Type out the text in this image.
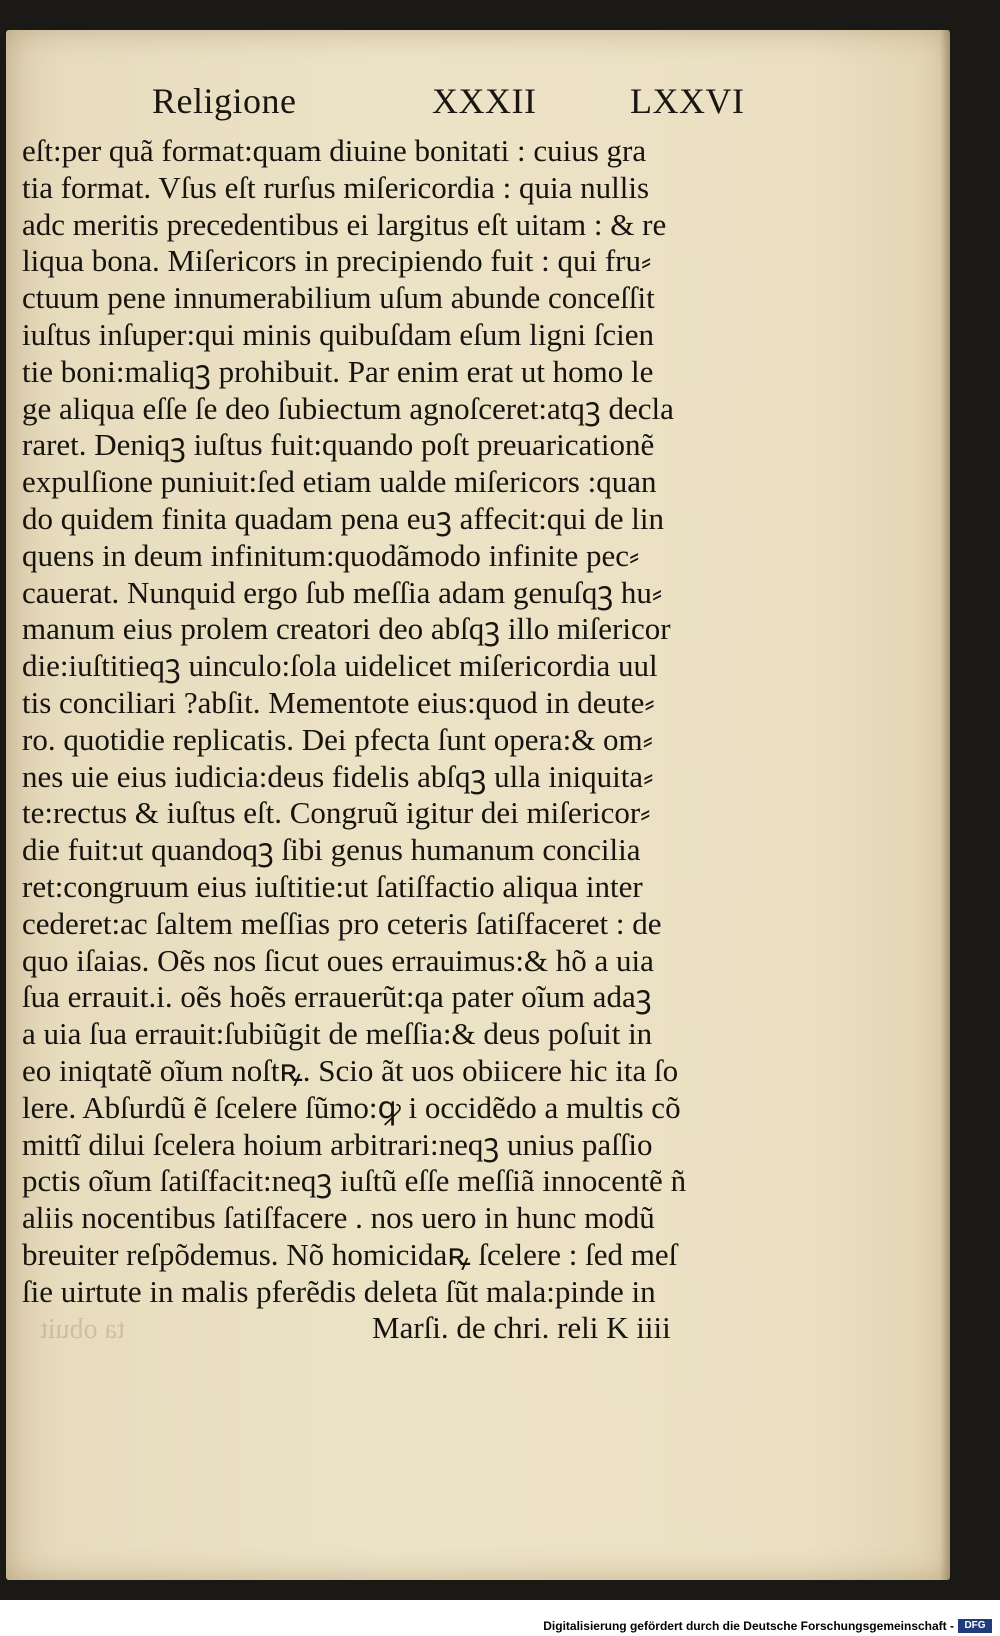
Religione	XXXII	LXXVI
eſt:per quã format:quam diuine bonitati : cuius gra
tia format. Vſus eſt rurſus miſericordia : quia nullis
adc meritis precedentibus ei largitus eſt uitam : & re
liqua bona. Miſericors in precipiendo fuit : qui fru⸗
ctuum pene innumerabilium uſum abunde conceſſit
iuſtus inſuper:qui minis quibuſdam eſum ligni ſcien
tie boni:maliqꝫ prohibuit. Par enim erat ut homo le
ge aliqua eſſe ſe deo ſubiectum agnoſceret:atqꝫ decla
raret. Deniqꝫ iuſtus fuit:quando poſt preuaricationẽ
expulſione puniuit:ſed etiam ualde miſericors :quan
do quidem finita quadam pena euꝫ affecit:qui de lin
quens in deum infinitum:quodãmodo infinite pec⸗
cauerat. Nunquid ergo ſub meſſia adam genuſqꝫ hu⸗
manum eius prolem creatori deo abſqꝫ illo miſericor
die:iuſtitieqꝫ uinculo:ſola uidelicet miſericordia uul
tis conciliari ?abſit. Mementote eius:quod in deute⸗
ro. quotidie replicatis. Dei pfecta ſunt opera:& om⸗
nes uie eius iudicia:deus fidelis abſqꝫ ulla iniquita⸗
te:rectus & iuſtus eſt. Congruũ igitur dei miſericor⸗
die fuit:ut quandoqꝫ ſibi genus humanum concilia
ret:congruum eius iuſtitie:ut ſatiſfactio aliqua inter
cederet:ac ſaltem meſſias pro ceteris ſatiſfaceret : de
quo iſaias. Oẽs nos ſicut oues errauimus:& hõ a uia
ſua errauit.i. oẽs hoẽs errauerũt:qa pater oĩum adaꝫ
a uia ſua errauit:ſubiũgit de meſſia:& deus poſuit in
eo iniqtatẽ oĩum noſtꝶ. Scio ãt uos obiicere hic ita ſo
lere. Abſurdũ ẽ ſcelere ſũmo:ꝙ i occidẽdo a multis cõ
mittĩ dilui ſcelera hoium arbitrari:neqꝫ unius paſſio
pctis oĩum ſatiſfacit:neqꝫ iuſtũ eſſe meſſiã innocentẽ ñ
aliis nocentibus ſatiſfacere . nos uero in hunc modũ
breuiter reſpõdemus. Nõ homicidaꝶ ſcelere : ſed meſ
ſie uirtute in malis pferẽdis deleta ſũt mala:pinde in
ta obuit	Marſi. de chri. reli K iiii
Digitalisierung gefördert durch die Deutsche Forschungsgemeinschaft -	DFG
